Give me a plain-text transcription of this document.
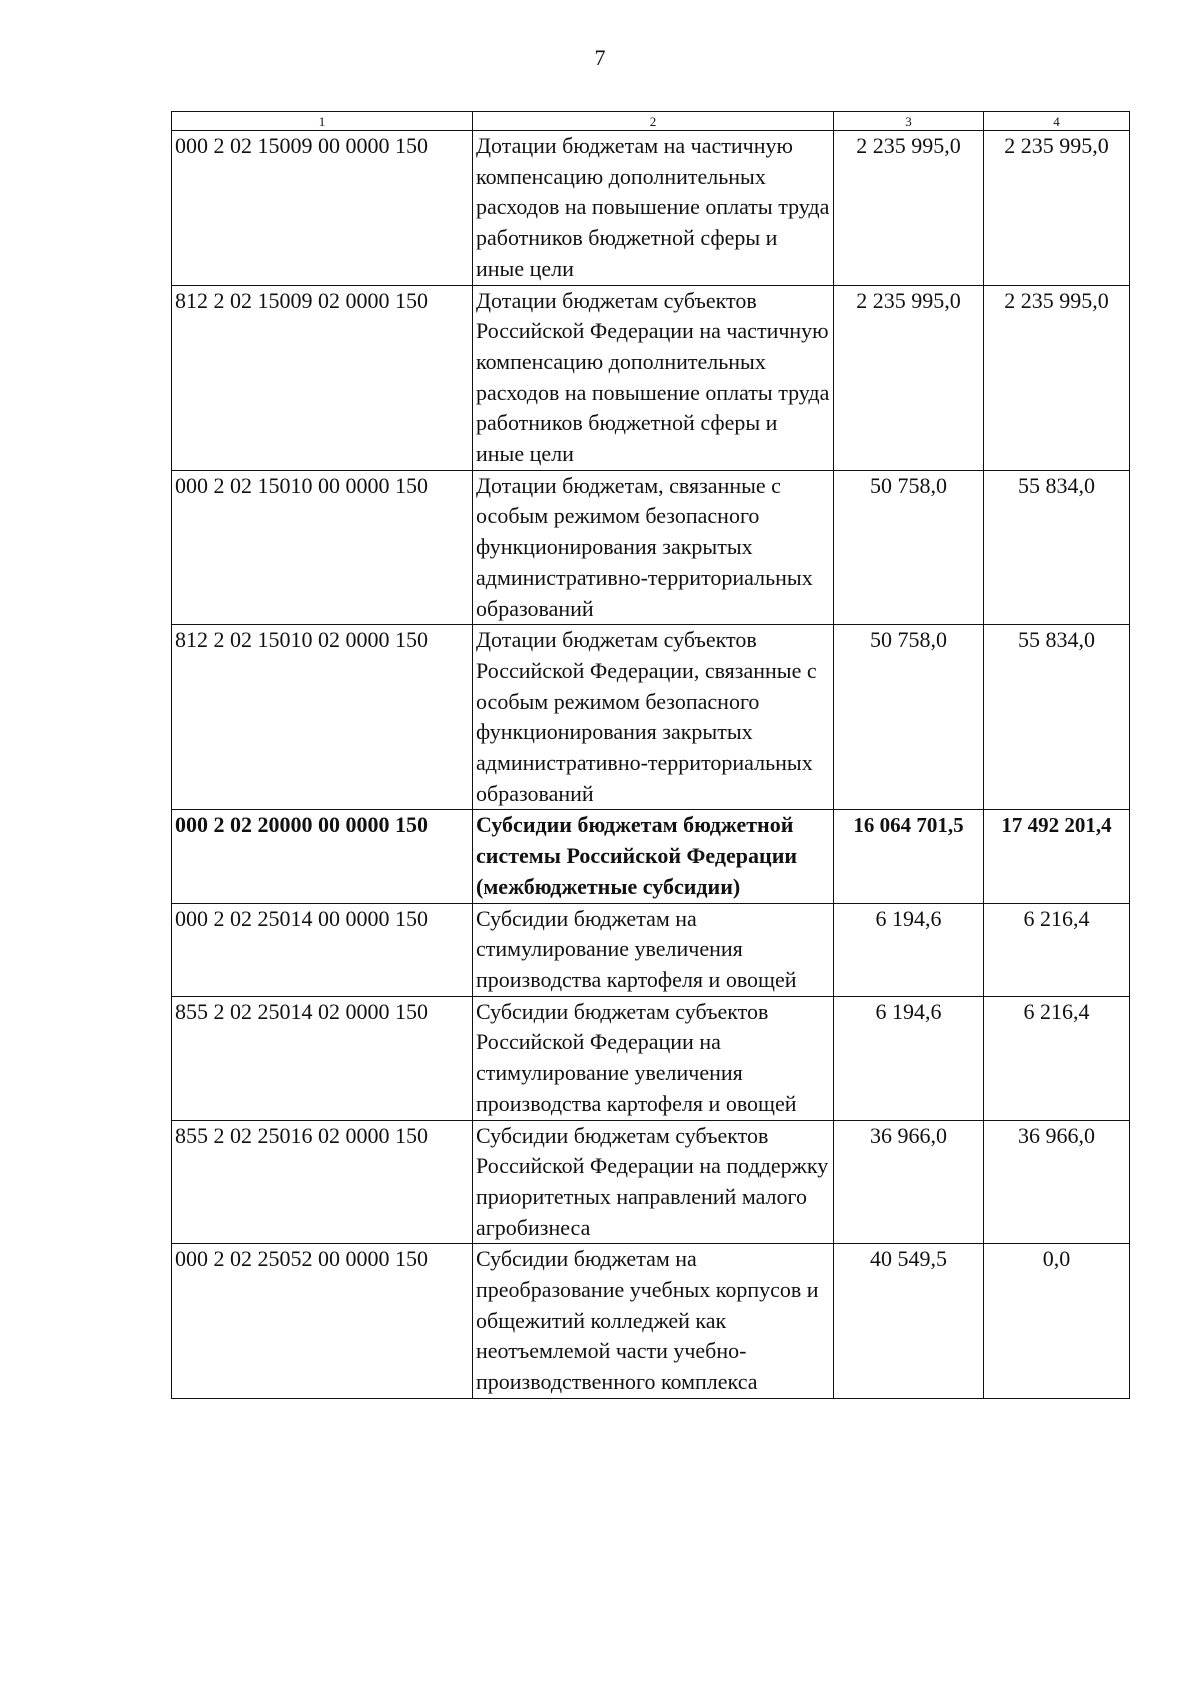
7
1	2	3	4
000 2 02 15009 00 0000 150	Дотации бюджетам на частичную компенсацию дополнительных расходов на повышение оплаты труда работников бюджетной сферы и иные цели	2 235 995,0	2 235 995,0
812 2 02 15009 02 0000 150	Дотации бюджетам субъектов Российской Федерации на частичную компенсацию дополнительных расходов на повышение оплаты труда работников бюджетной сферы и иные цели	2 235 995,0	2 235 995,0
000 2 02 15010 00 0000 150	Дотации бюджетам, связанные с особым режимом безопасного функционирования закрытых административно-территориальных образований	50 758,0	55 834,0
812 2 02 15010 02 0000 150	Дотации бюджетам субъектов Российской Федерации, связанные с особым режимом безопасного функционирования закрытых административно-территориальных образований	50 758,0	55 834,0
000 2 02 20000 00 0000 150	Субсидии бюджетам бюджетной системы Российской Федерации (межбюджетные субсидии)	16 064 701,5	17 492 201,4
000 2 02 25014 00 0000 150	Субсидии бюджетам на стимулирование увеличения производства картофеля и овощей	6 194,6	6 216,4
855 2 02 25014 02 0000 150	Субсидии бюджетам субъектов Российской Федерации на стимулирование увеличения производства картофеля и овощей	6 194,6	6 216,4
855 2 02 25016 02 0000 150	Субсидии бюджетам субъектов Российской Федерации на поддержку приоритетных направлений малого агробизнеса	36 966,0	36 966,0
000 2 02 25052 00 0000 150	Субсидии бюджетам на преобразование учебных корпусов и общежитий колледжей как неотъемлемой части учебно-производственного комплекса	40 549,5	0,0
